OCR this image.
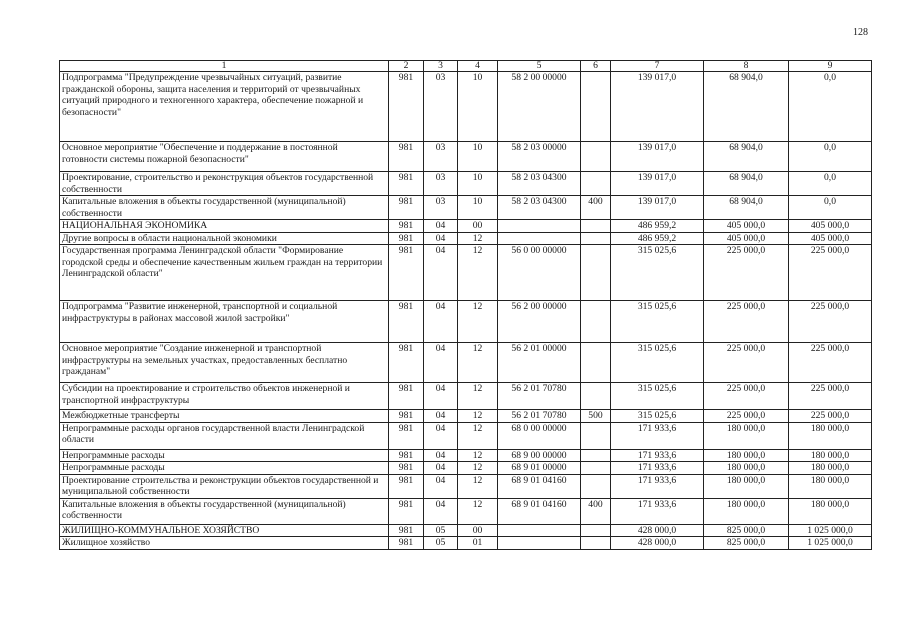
128
1	2	3	4	5	6	7	8	9
Подпрограмма "Предупреждение чрезвычайных ситуаций, развитие гражданской обороны, защита населения и территорий от чрезвычайных ситуаций природного и техногенного характера, обеспечение пожарной и безопасности"	981	03	10	58 2 00 00000		139 017,0	68 904,0	0,0
Основное мероприятие "Обеспечение и поддержание в постоянной готовности системы пожарной безопасности"	981	03	10	58 2 03 00000		139 017,0	68 904,0	0,0
Проектирование, строительство и реконструкция объектов государственной собственности	981	03	10	58 2 03 04300		139 017,0	68 904,0	0,0
Капитальные вложения в объекты государственной (муниципальной) собственности	981	03	10	58 2 03 04300	400	139 017,0	68 904,0	0,0
НАЦИОНАЛЬНАЯ ЭКОНОМИКА	981	04	00			486 959,2	405 000,0	405 000,0
Другие вопросы в области национальной экономики	981	04	12			486 959,2	405 000,0	405 000,0
Государственная программа Ленинградской области "Формирование городской среды и обеспечение качественным жильем граждан на территории Ленинградской области"	981	04	12	56 0 00 00000		315 025,6	225 000,0	225 000,0
Подпрограмма "Развитие инженерной, транспортной и социальной инфраструктуры в районах массовой жилой застройки"	981	04	12	56 2 00 00000		315 025,6	225 000,0	225 000,0
Основное мероприятие "Создание инженерной и транспортной инфраструктуры на земельных участках, предоставленных бесплатно гражданам"	981	04	12	56 2 01 00000		315 025,6	225 000,0	225 000,0
Субсидии на проектирование и строительство объектов инженерной и транспортной инфраструктуры	981	04	12	56 2 01 70780		315 025,6	225 000,0	225 000,0
Межбюджетные трансферты	981	04	12	56 2 01 70780	500	315 025,6	225 000,0	225 000,0
Непрограммные расходы органов государственной власти Ленинградской области	981	04	12	68 0 00 00000		171 933,6	180 000,0	180 000,0
Непрограммные расходы	981	04	12	68 9 00 00000		171 933,6	180 000,0	180 000,0
Непрограммные расходы	981	04	12	68 9 01 00000		171 933,6	180 000,0	180 000,0
Проектирование строительства и реконструкции объектов государственной и муниципальной собственности	981	04	12	68 9 01 04160		171 933,6	180 000,0	180 000,0
Капитальные вложения в объекты государственной (муниципальной) собственности	981	04	12	68 9 01 04160	400	171 933,6	180 000,0	180 000,0
ЖИЛИЩНО-КОММУНАЛЬНОЕ ХОЗЯЙСТВО	981	05	00			428 000,0	825 000,0	1 025 000,0
Жилищное хозяйство	981	05	01			428 000,0	825 000,0	1 025 000,0
